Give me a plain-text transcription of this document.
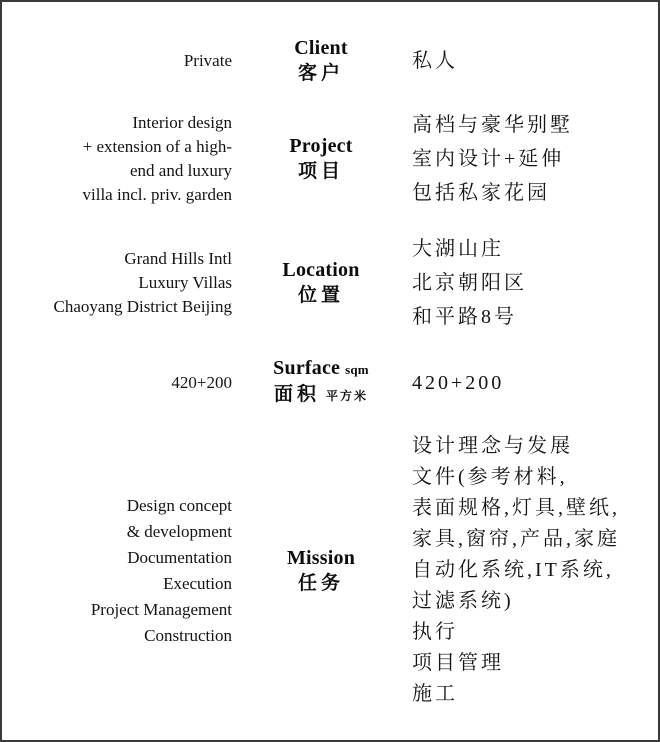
Private
Client
客户
私人
Interior design
+ extension of a high-
end and luxury
villa incl. priv. garden
Project
项目
高档与豪华别墅
室内设计+延伸
包括私家花园
Grand Hills Intl
Luxury Villas
Chaoyang District Beijing
Location
位置
大湖山庄
北京朝阳区
和平路8号
420+200
Surface sqm
面积 平方米
420+200
Design concept
& development
Documentation
Execution
Project Management
Construction
Mission
任务
设计理念与发展
文件(参考材料,
表面规格,灯具,壁纸,
家具,窗帘,产品,家庭
自动化系统,IT系统,
过滤系统)
执行
项目管理
施工
